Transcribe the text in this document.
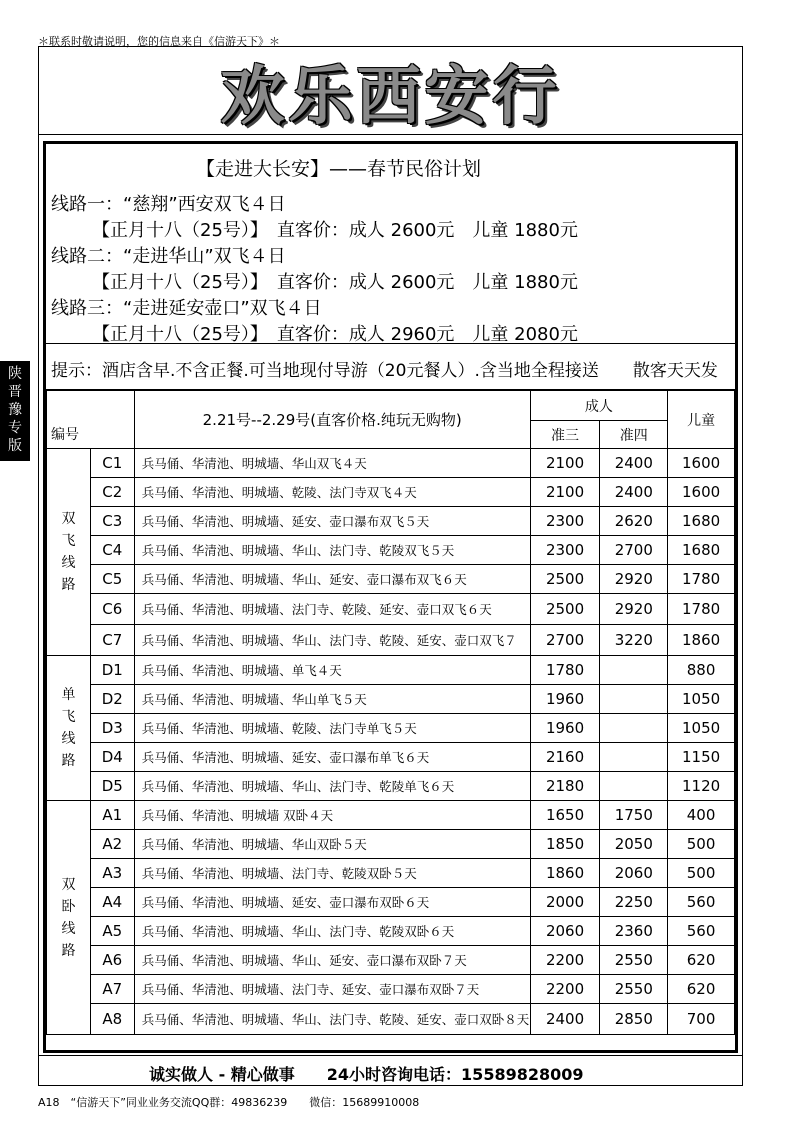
＊联系时敬请说明，您的信息来自《信游天下》＊
欢乐西安行
【走进大长安】——春节民俗计划
线路一：“慈翔”西安双飞４日
【正月十八（25号）】　直客价：成人 2600元　儿童 1880元
线路二：“走进华山”双飞４日
【正月十八（25号）】　直客价：成人 2600元　儿童 1880元
线路三：“走进延安壶口”双飞４日
【正月十八（25号）】　直客价：成人 2960元　儿童 2080元
提示：酒店含早.不含正餐.可当地现付导游（20元餐人）.含当地全程接送　　散客天天发
编号		2.21号--2.29号(直客价格.纯玩无购物)	成人		儿童
			准三	准四	
双飞线路	C1	兵马俑、华清池、明城墙、华山双飞４天	2100	2400	1600
	C2	兵马俑、华清池、明城墙、乾陵、法门寺双飞４天	2100	2400	1600
	C3	兵马俑、华清池、明城墙、延安、壶口瀑布双飞５天	2300	2620	1680
	C4	兵马俑、华清池、明城墙、华山、法门寺、乾陵双飞５天	2300	2700	1680
	C5	兵马俑、华清池、明城墙、华山、延安、壶口瀑布双飞６天	2500	2920	1780
	C6	兵马俑、华清池、明城墙、法门寺、乾陵、延安、壶口双飞６天	2500	2920	1780
	C7	兵马俑、华清池、明城墙、华山、法门寺、乾陵、延安、壶口双飞７	2700	3220	1860
单飞线路	D1	兵马俑、华清池、明城墙、单飞４天	1780		880
	D2	兵马俑、华清池、明城墙、华山单飞５天	1960		1050
	D3	兵马俑、华清池、明城墙、乾陵、法门寺单飞５天	1960		1050
	D4	兵马俑、华清池、明城墙、延安、壶口瀑布单飞６天	2160		1150
	D5	兵马俑、华清池、明城墙、华山、法门寺、乾陵单飞６天	2180		1120
双卧线路	A1	兵马俑、华清池、明城墙 双卧４天	1650	1750	400
	A2	兵马俑、华清池、明城墙、华山双卧５天	1850	2050	500
	A3	兵马俑、华清池、明城墙、法门寺、乾陵双卧５天	1860	2060	500
	A4	兵马俑、华清池、明城墙、延安、壶口瀑布双卧６天	2000	2250	560
	A5	兵马俑、华清池、明城墙、华山、法门寺、乾陵双卧６天	2060	2360	560
	A6	兵马俑、华清池、明城墙、华山、延安、壶口瀑布双卧７天	2200	2550	620
	A7	兵马俑、华清池、明城墙、法门寺、延安、壶口瀑布双卧７天	2200	2550	620
	A8	兵马俑、华清池、明城墙、华山、法门寺、乾陵、延安、壶口双卧８天	2400	2850	700
诚实做人 - 精心做事　　24小时咨询电话：15589828009
陕
晋
豫
专
版
A18　“信游天下”同业业务交流QQ群：49836239　　微信：15689910008
